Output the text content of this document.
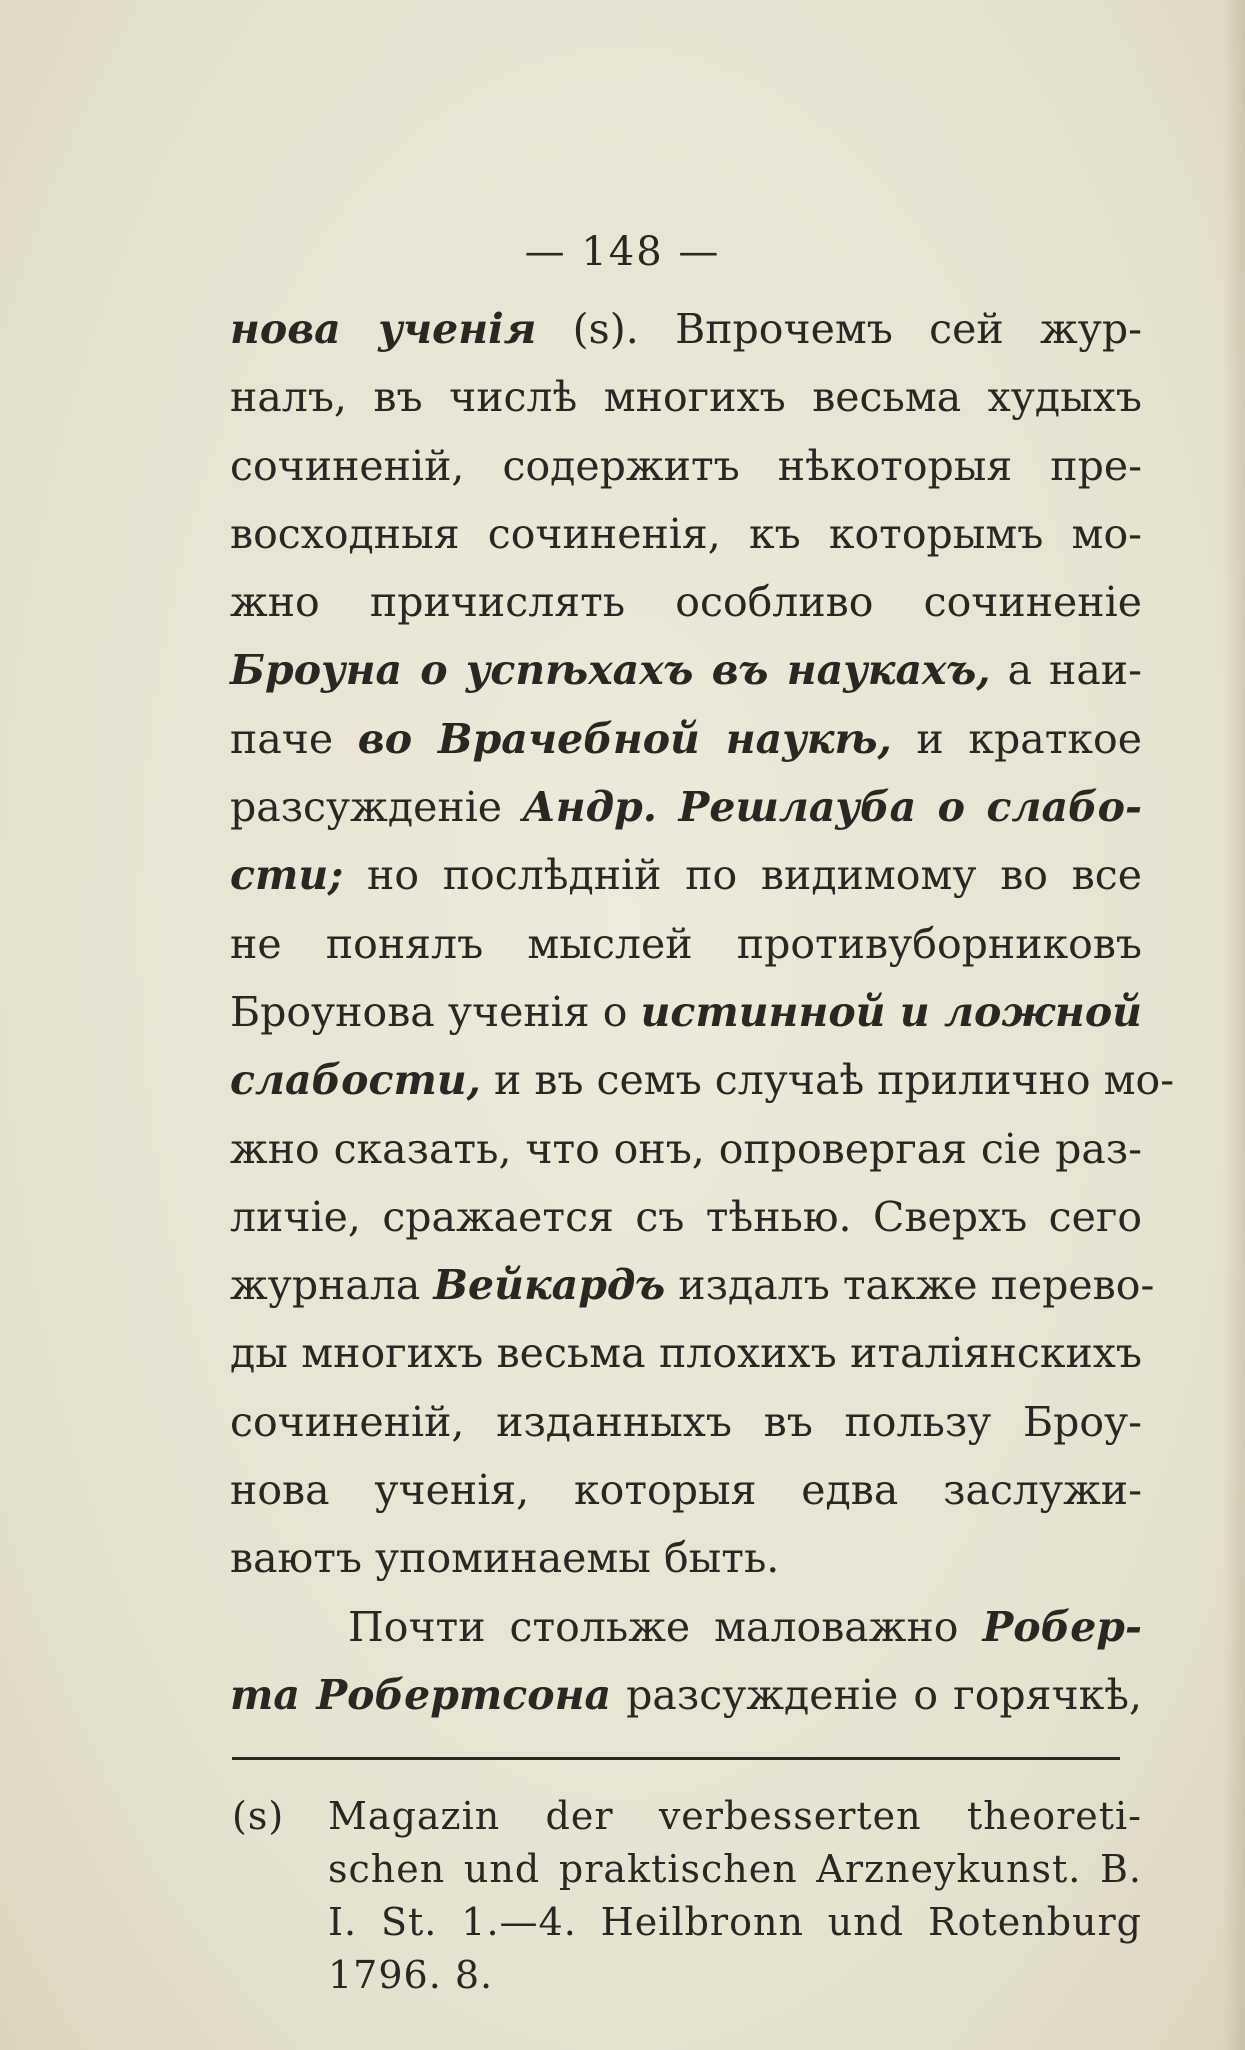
— 148 —
нова ученія (s). Впрочемъ сей жур-
налъ, въ числѣ многихъ весьма худыхъ
сочиненій, содержитъ нѣкоторыя пре-
восходныя сочиненія, къ которымъ мо-
жно причислять особливо сочиненіе
Броуна о успѣхахъ въ наукахъ, а наи-
паче во Врачебной наукѣ, и краткое
разсужденіе Андр. Решлауба о слабо-
сти; но послѣдній по видимому во все
не понялъ мыслей противуборниковъ
Броунова ученія о истинной и ложной
слабости, и въ семъ случаѣ прилично мо-
жно сказать, что онъ, опровергая сіе раз-
личіе, сражается съ тѣнью. Сверхъ сего
журнала Вейкардъ издалъ также перево-
ды многихъ весьма плохихъ италіянскихъ
сочиненій, изданныхъ въ пользу Броу-
нова ученія, которыя едва заслужи-
ваютъ упоминаемы быть.
Почти стольже маловажно Робер-
та Робертсона разсужденіе о горячкѣ,
(s) Magazin der verbesserten theoreti-
schen und praktischen Arzneykunst. B.
I. St. 1.—4. Heilbronn und Rotenburg
1796. 8.
